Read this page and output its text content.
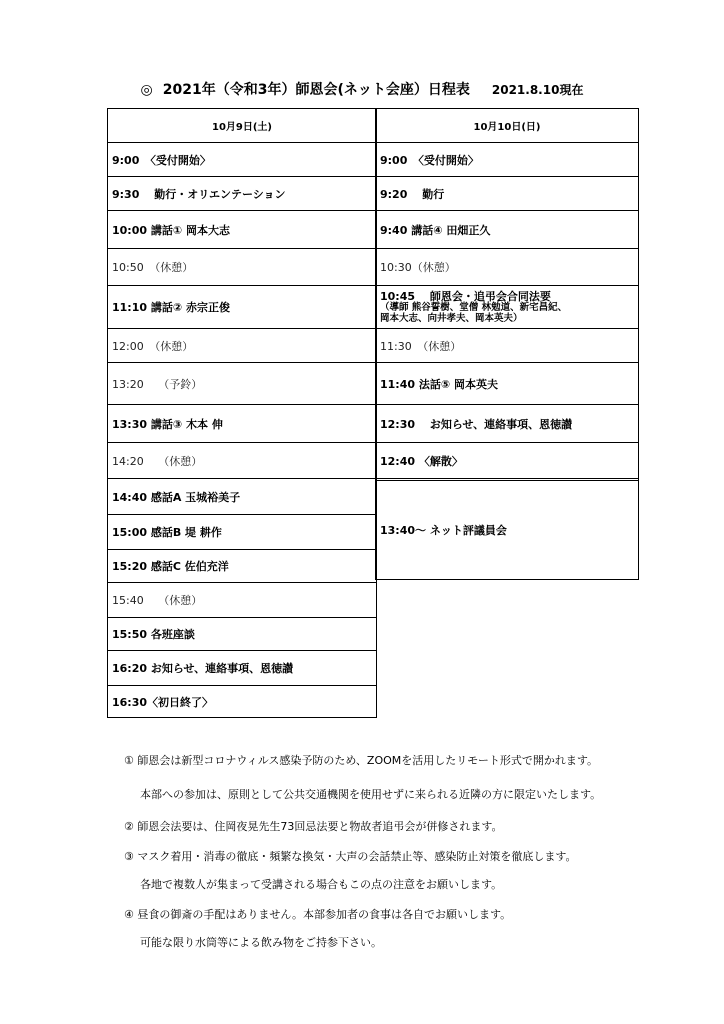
◎ 2021年（令和3年）師恩会(ネット会座）日程表 2021.8.10現在
10月9日(土)
9:00　〈受付開始〉
9:30　 勤行・オリエンテーション
10:00 講話① 岡本大志
10:50　（休憩）
11:10 講話② 赤宗正俊
12:00　（休憩）
13:20　 （予鈴）
13:30 講話③ 木本 伸
14:20　 （休憩）
14:40 感話A 玉城裕美子
15:00 感話B 堤 耕作
15:20 感話C 佐伯充洋
15:40　 （休憩）
15:50 各班座談
16:20 お知らせ、連絡事項、恩徳讃
16:30〈初日終了〉
10月10日(日)
9:00　〈受付開始〉
9:20　 勤行
9:40 講話④ 田畑正久
10:30（休憩）
10:45　 師恩会・追弔会合同法要
（導師 熊谷誓樹、堂僧 林勉道、新宅昌紀、
岡本大志、向井孝夫、岡本英夫）
11:30　（休憩）
11:40 法話⑤ 岡本英夫
12:30　 お知らせ、連絡事項、恩徳讃
12:40 〈解散〉
13:40～ ネット評議員会
① 師恩会は新型コロナウィルス感染予防のため、ZOOMを活用したリモート形式で開かれます。
本部への参加は、原則として公共交通機関を使用せずに来られる近隣の方に限定いたします。
② 師恩会法要は、住岡夜晃先生73回忌法要と物故者追弔会が併修されます。
③ マスク着用・消毒の徹底・頻繁な換気・大声の会話禁止等、感染防止対策を徹底します。
各地で複数人が集まって受講される場合もこの点の注意をお願いします。
④ 昼食の御斎の手配はありません。本部参加者の食事は各自でお願いします。
可能な限り水筒等による飲み物をご持参下さい。
